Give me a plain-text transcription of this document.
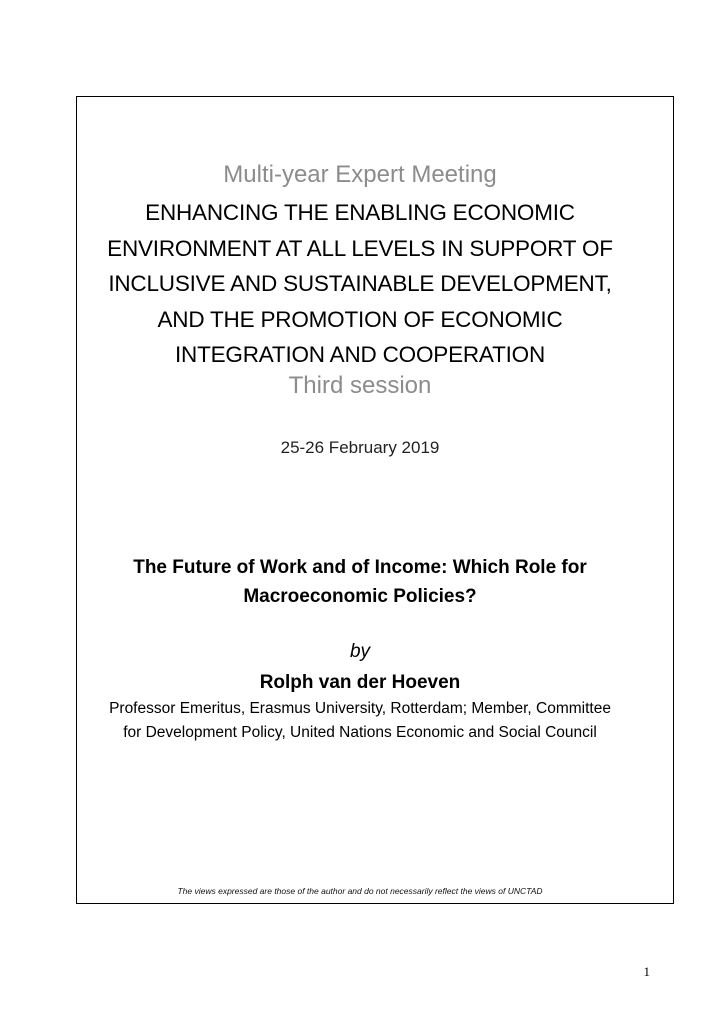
Multi-year Expert Meeting
ENHANCING THE ENABLING ECONOMIC
ENVIRONMENT AT ALL LEVELS IN SUPPORT OF
INCLUSIVE AND SUSTAINABLE DEVELOPMENT,
AND THE PROMOTION OF ECONOMIC
INTEGRATION AND COOPERATION
Third session
25-26 February 2019
The Future of Work and of Income: Which Role for
Macroeconomic Policies?
by
Rolph van der Hoeven
Professor Emeritus, Erasmus University, Rotterdam; Member, Committee
for Development Policy, United Nations Economic and Social Council
The views expressed are those of the author and do not necessarily reflect the views of UNCTAD
1
